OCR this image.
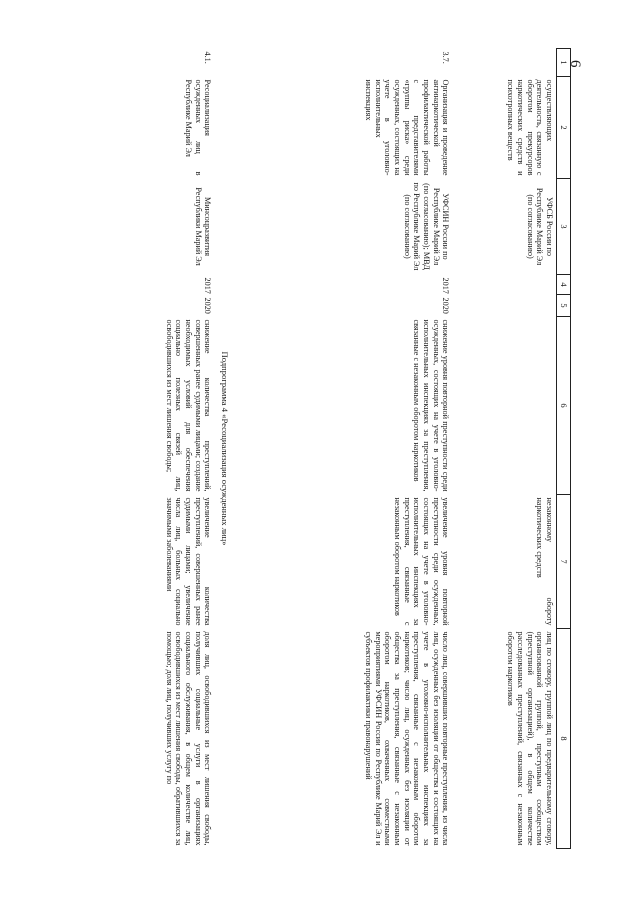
6
1	2	3	4	5	6	7	8
	осуществляющих деятельность, связанную с оборотом прекурсоров наркотических средств и психотропных веществ	УФСБ России по Республике Марий Эл (по согласованию)				незаконному обороту наркотических средств	лиц по сговору, группой лиц по предварительному сговору, организованной группой, преступным сообществом (преступной организацией), в общем количестве расследованных преступлений, связанных с незаконным оборотом наркотиков
3.7.	Организация и проведение антинаркотической профилактической работы с представителями «группы риска» среди осужденных, состоящих на учете в уголовно-исполнительных инспекциях	УФСИН России по Республике Марий Эл (по согласованию); МВД по Республике Марий Эл (по согласованию)	2017	2020	снижение уровня повторной преступности среди осужденных, состоящих на учете в уголовно-исполнительных инспекциях за преступления, связанные с незаконным оборотом наркотиков	увеличение уровня повторной преступности среди осужденных, состоящих на учете в уголовно-исполнительных инспекциях за преступления, связанные с незаконным оборотом наркотиков	число лиц, совершивших повторные преступления, из числа лиц, осужденных без изоляции от общества и состоящих на учете в уголовно-исполнительных инспекциях за преступления, связанные с незаконным оборотом наркотиков; число лиц, осужденных без изоляции от общества за преступления, связанные с незаконным оборотом наркотиков, охваченных совместными мероприятиями УФСИН России по Республике Марий Эл и субъектов профилактики правонарушений
Подпрограмма 4 «Ресоциализация осужденных лиц»							
4.1.	Ресоциализация осужденных лиц в Республике Марий Эл	Минсоцразвития Республики Марий Эл	2017	2020	снижение количества преступлений, совершенных ранее судимыми лицами; создание необходимых условий для обеспечения социально полезных связей лиц, освободившихся из мест лишения свободы;	увеличение количества преступлений, совершенных ранее судимыми лицами; увеличение числа лиц, больных социально значимыми заболеваниями	доля лиц, освободившихся из мест лишения свободы, получивших социальные услуги в организациях социального обслуживания, в общем количестве лиц, освободившихся из мест лишения свободы, обратившихся за помощью; доля лиц, получивших услугу по
